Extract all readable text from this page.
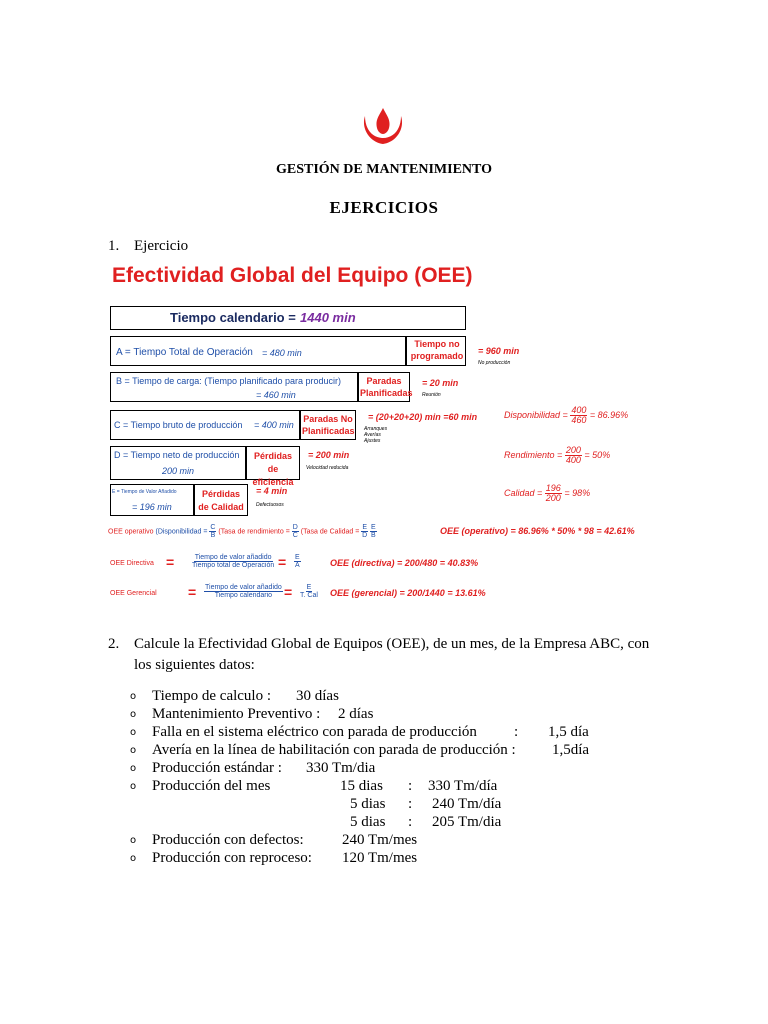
GESTIÓN DE MANTENIMIENTO
EJERCICIOS
1. Ejercicio
Efectividad Global del Equipo (OEE)
Tiempo calendario = 1440 min
A = Tiempo Total de Operación = 480 min
Tiempo no programado = 960 min
No producción
B = Tiempo de carga: (Tiempo planificado para producir)
= 460 min
Paradas Planificadas
= 20 min
Reunión
C = Tiempo bruto de producción = 400 min
Paradas No Planificadas
= (20+20+20) min =60 min
Arranques
Averías
Ajustes
D = Tiempo neto de producción
200 min
Pérdidas de eficiencia
= 200 min
Velocidad reducida
E = Tiempo de Valor Añadido
= 196 min
Pérdidas de Calidad
= 4 min
Defectuosos
Disponibilidad = $\frac{400}{460} = 86.96\%$
Rendimiento = $\frac{200}{400} = 50\%$
Calidad = $\frac{196}{200} = 98\%$
OEE operativo (Disponibilidad = $\frac{C}{B}$ (Tasa de rendimiento = $\frac{D}{C}$ (Tasa de Calidad = $\frac{E}{D}$
$\frac{E}{B}$	OEE (operativo) = 86.96% * 50% * 98 = 42.61%
OEE Directiva =	$\frac{\text{Tiempo de valor añadido}}{\text{Tiempo total de Operación}} = \frac{E}{A}$	OEE (directiva) = 200/480 = 40.83%
OEE Gerencial = $\frac{\text{Tiempo de valor añadido}}{\text{Tiempo calendario}} = \frac{E}{\text{T. Cal}}$ OEE (gerencial) = 200/1440 = 13.61%
2. Calcule la Efectividad Global de Equipos (OEE), de un mes, de la Empresa ABC, con los siguientes datos:
o Tiempo de calculo : 30 días
o Mantenimiento Preventivo : 2 días
o Falla en el sistema eléctrico con parada de producción : 1,5 día
o Avería en la línea de habilitación con parada de producción : 1,5día
o Producción estándar : 330 Tm/dia
o Producción del mes	15 dias : 330 Tm/día
5 dias : 240 Tm/día
5 dias : 205 Tm/dia
o Producción con defectos:	240 Tm/mes
o Producción con reproceso: 120 Tm/mes
